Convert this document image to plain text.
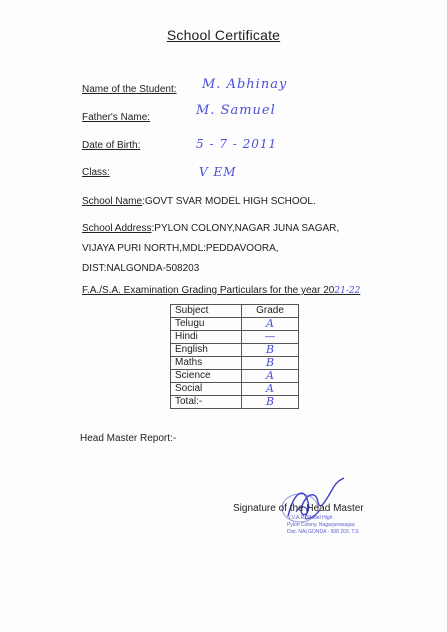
School Certificate
Name of the Student: M. Abhinay
Father's Name:	M. Samuel
Date of Birth:	5 - 7 - 2011
Class:	V EM
School Name:GOVT SVAR MODEL HIGH SCHOOL.
School Address:PYLON COLONY,NAGAR JUNA SAGAR,
VIJAYA PURI NORTH,MDL:PEDDAVOORA,
DIST:NALGONDA-508203
F.A./S.A. Examination Grading Particulars for the year 2021-22
Subject	Grade
Telugu	A
Hindi	—
English	B
Maths	B
Science	A
Social	A
Total:-	B
Head Master Report:-
Signature of the Head Master
S.V.A.R. Model High
Pylon Colony, Nagarjunasagar,
Dist. NALGONDA - 508 203. T.S
